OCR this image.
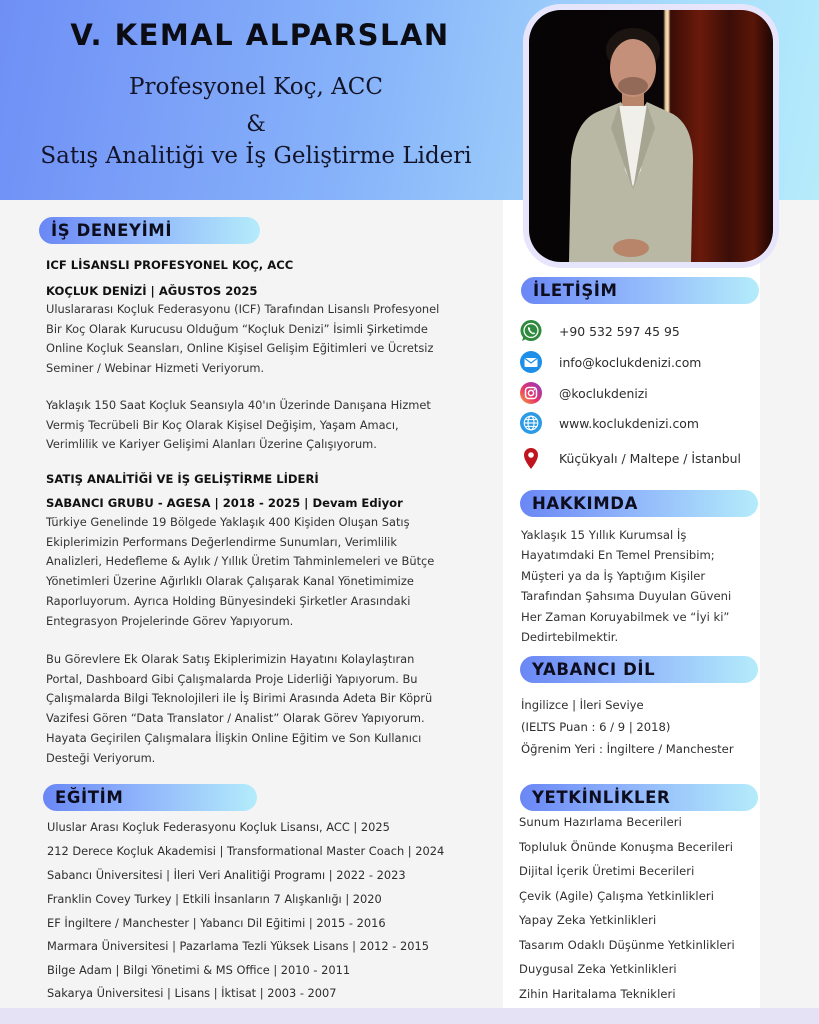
V. KEMAL ALPARSLAN
Profesyonel Koç, ACC
&
Satış Analitiği ve İş Geliştirme Lideri
İŞ DENEYİMİ
ICF LİSANSLI PROFESYONEL KOÇ, ACC
KOÇLUK DENİZİ | AĞUSTOS 2025
Uluslararası Koçluk Federasyonu (ICF) Tarafından Lisanslı Profesyonel
Bir Koç Olarak Kurucusu Olduğum “Koçluk Denizi” İsimli Şirketimde
Online Koçluk Seansları, Online Kişisel Gelişim Eğitimleri ve Ücretsiz
Seminer / Webinar Hizmeti Veriyorum.
Yaklaşık 150 Saat Koçluk Seansıyla 40'ın Üzerinde Danışana Hizmet
Vermiş Tecrübeli Bir Koç Olarak Kişisel Değişim, Yaşam Amacı,
Verimlilik ve Kariyer Gelişimi Alanları Üzerine Çalışıyorum.
SATIŞ ANALİTİĞİ VE İŞ GELİŞTİRME LİDERİ
SABANCI GRUBU - AGESA | 2018 - 2025 | Devam Ediyor
Türkiye Genelinde 19 Bölgede Yaklaşık 400 Kişiden Oluşan Satış
Ekiplerimizin Performans Değerlendirme Sunumları, Verimlilik
Analizleri, Hedefleme & Aylık / Yıllık Üretim Tahminlemeleri ve Bütçe
Yönetimleri Üzerine Ağırlıklı Olarak Çalışarak Kanal Yönetimimize
Raporluyorum. Ayrıca Holding Bünyesindeki Şirketler Arasındaki
Entegrasyon Projelerinde Görev Yapıyorum.
Bu Görevlere Ek Olarak Satış Ekiplerimizin Hayatını Kolaylaştıran
Portal, Dashboard Gibi Çalışmalarda Proje Liderliği Yapıyorum. Bu
Çalışmalarda Bilgi Teknolojileri ile İş Birimi Arasında Adeta Bir Köprü
Vazifesi Gören “Data Translator / Analist” Olarak Görev Yapıyorum.
Hayata Geçirilen Çalışmalara İlişkin Online Eğitim ve Son Kullanıcı
Desteği Veriyorum.
EĞİTİM
Uluslar Arası Koçluk Federasyonu Koçluk Lisansı, ACC | 2025
212 Derece Koçluk Akademisi | Transformational Master Coach | 2024
Sabancı Üniversitesi | İleri Veri Analitiği Programı | 2022 - 2023
Franklin Covey Turkey | Etkili İnsanların 7 Alışkanlığı | 2020
EF İngiltere / Manchester | Yabancı Dil Eğitimi | 2015 - 2016
Marmara Üniversitesi | Pazarlama Tezli Yüksek Lisans | 2012 - 2015
Bilge Adam | Bilgi Yönetimi & MS Office | 2010 - 2011
Sakarya Üniversitesi | Lisans | İktisat | 2003 - 2007
İLETİŞİM
+90 532 597 45 95
info@koclukdenizi.com
@koclukdenizi
www.koclukdenizi.com
Küçükyalı / Maltepe / İstanbul
HAKKIMDA
Yaklaşık 15 Yıllık Kurumsal İş
Hayatımdaki En Temel Prensibim;
Müşteri ya da İş Yaptığım Kişiler
Tarafından Şahsıma Duyulan Güveni
Her Zaman Koruyabilmek ve “İyi ki”
Dedirtebilmektir.
YABANCI DİL
İngilizce | İleri Seviye
(IELTS Puan : 6 / 9 | 2018)
Öğrenim Yeri : İngiltere / Manchester
YETKİNLİKLER
Sunum Hazırlama Becerileri
Topluluk Önünde Konuşma Becerileri
Dijital İçerik Üretimi Becerileri
Çevik (Agile) Çalışma Yetkinlikleri
Yapay Zeka Yetkinlikleri
Tasarım Odaklı Düşünme Yetkinlikleri
Duygusal Zeka Yetkinlikleri
Zihin Haritalama Teknikleri
